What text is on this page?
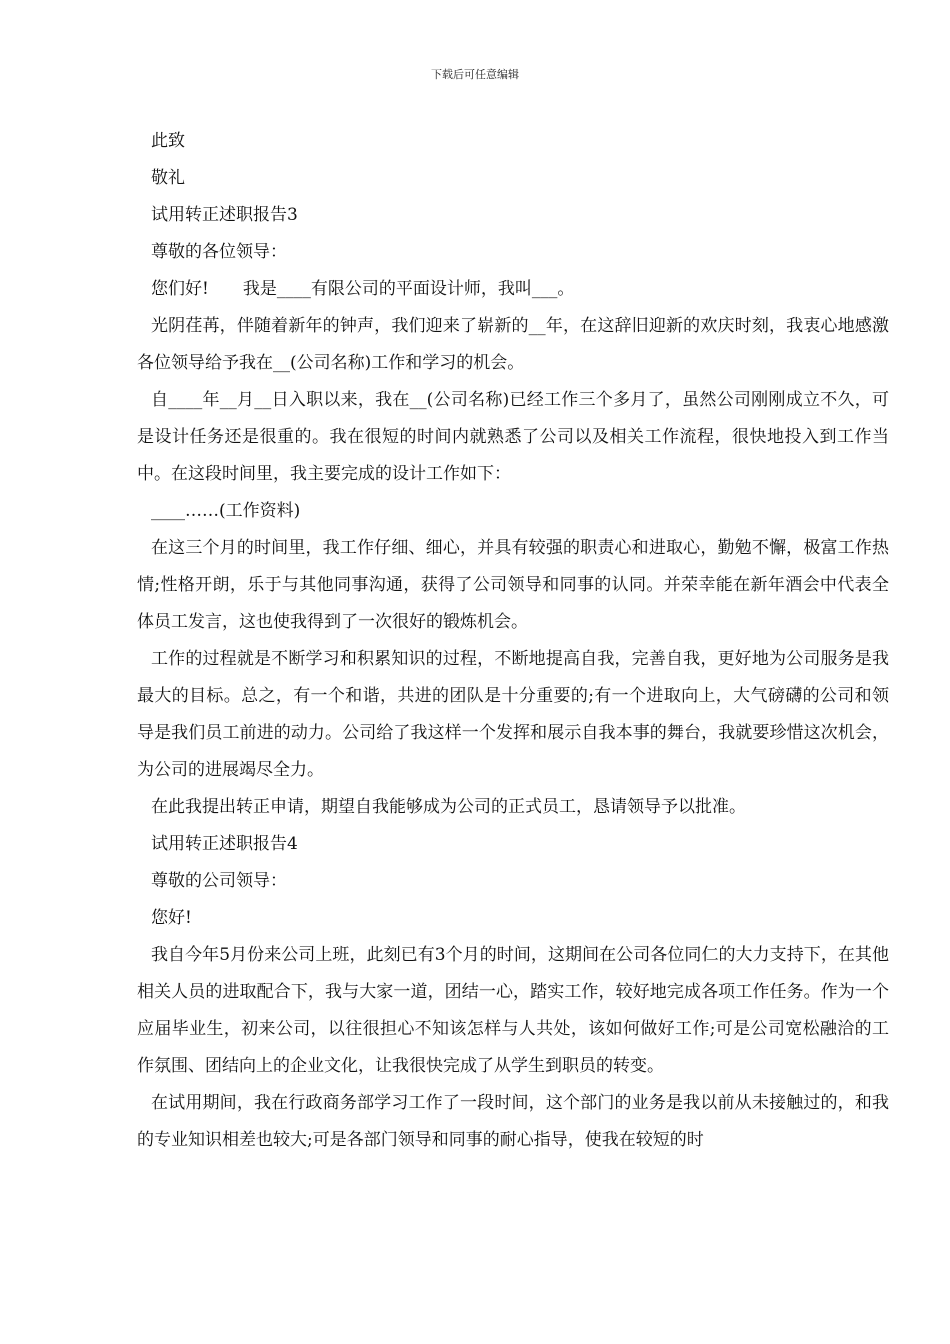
下载后可任意编辑

此致

敬礼

试用转正述职报告3

尊敬的各位领导：

您们好!　　我是____有限公司的平面设计师，我叫___。

光阴荏苒，伴随着新年的钟声，我们迎来了崭新的__年，在这辞旧迎新的欢庆时刻，我衷心地感激各位领导给予我在__(公司名称)工作和学习的机会。

自____年__月__日入职以来，我在__(公司名称)已经工作三个多月了，虽然公司刚刚成立不久，可是设计任务还是很重的。我在很短的时间内就熟悉了公司以及相关工作流程，很快地投入到工作当中。在这段时间里，我主要完成的设计工作如下：

____……(工作资料)

在这三个月的时间里，我工作仔细、细心，并具有较强的职责心和进取心，勤勉不懈，极富工作热情;性格开朗，乐于与其他同事沟通，获得了公司领导和同事的认同。并荣幸能在新年酒会中代表全体员工发言，这也使我得到了一次很好的锻炼机会。

工作的过程就是不断学习和积累知识的过程，不断地提高自我，完善自我，更好地为公司服务是我最大的目标。总之，有一个和谐，共进的团队是十分重要的;有一个进取向上，大气磅礴的公司和领导是我们员工前进的动力。公司给了我这样一个发挥和展示自我本事的舞台，我就要珍惜这次机会，为公司的进展竭尽全力。

在此我提出转正申请，期望自我能够成为公司的正式员工，恳请领导予以批准。

试用转正述职报告4

尊敬的公司领导：

您好!

我自今年5月份来公司上班，此刻已有3个月的时间，这期间在公司各位同仁的大力支持下，在其他相关人员的进取配合下，我与大家一道，团结一心，踏实工作，较好地完成各项工作任务。作为一个应届毕业生，初来公司，以往很担心不知该怎样与人共处，该如何做好工作;可是公司宽松融洽的工作氛围、团结向上的企业文化，让我很快完成了从学生到职员的转变。

在试用期间，我在行政商务部学习工作了一段时间，这个部门的业务是我以前从未接触过的，和我的专业知识相差也较大;可是各部门领导和同事的耐心指导，使我在较短的时
